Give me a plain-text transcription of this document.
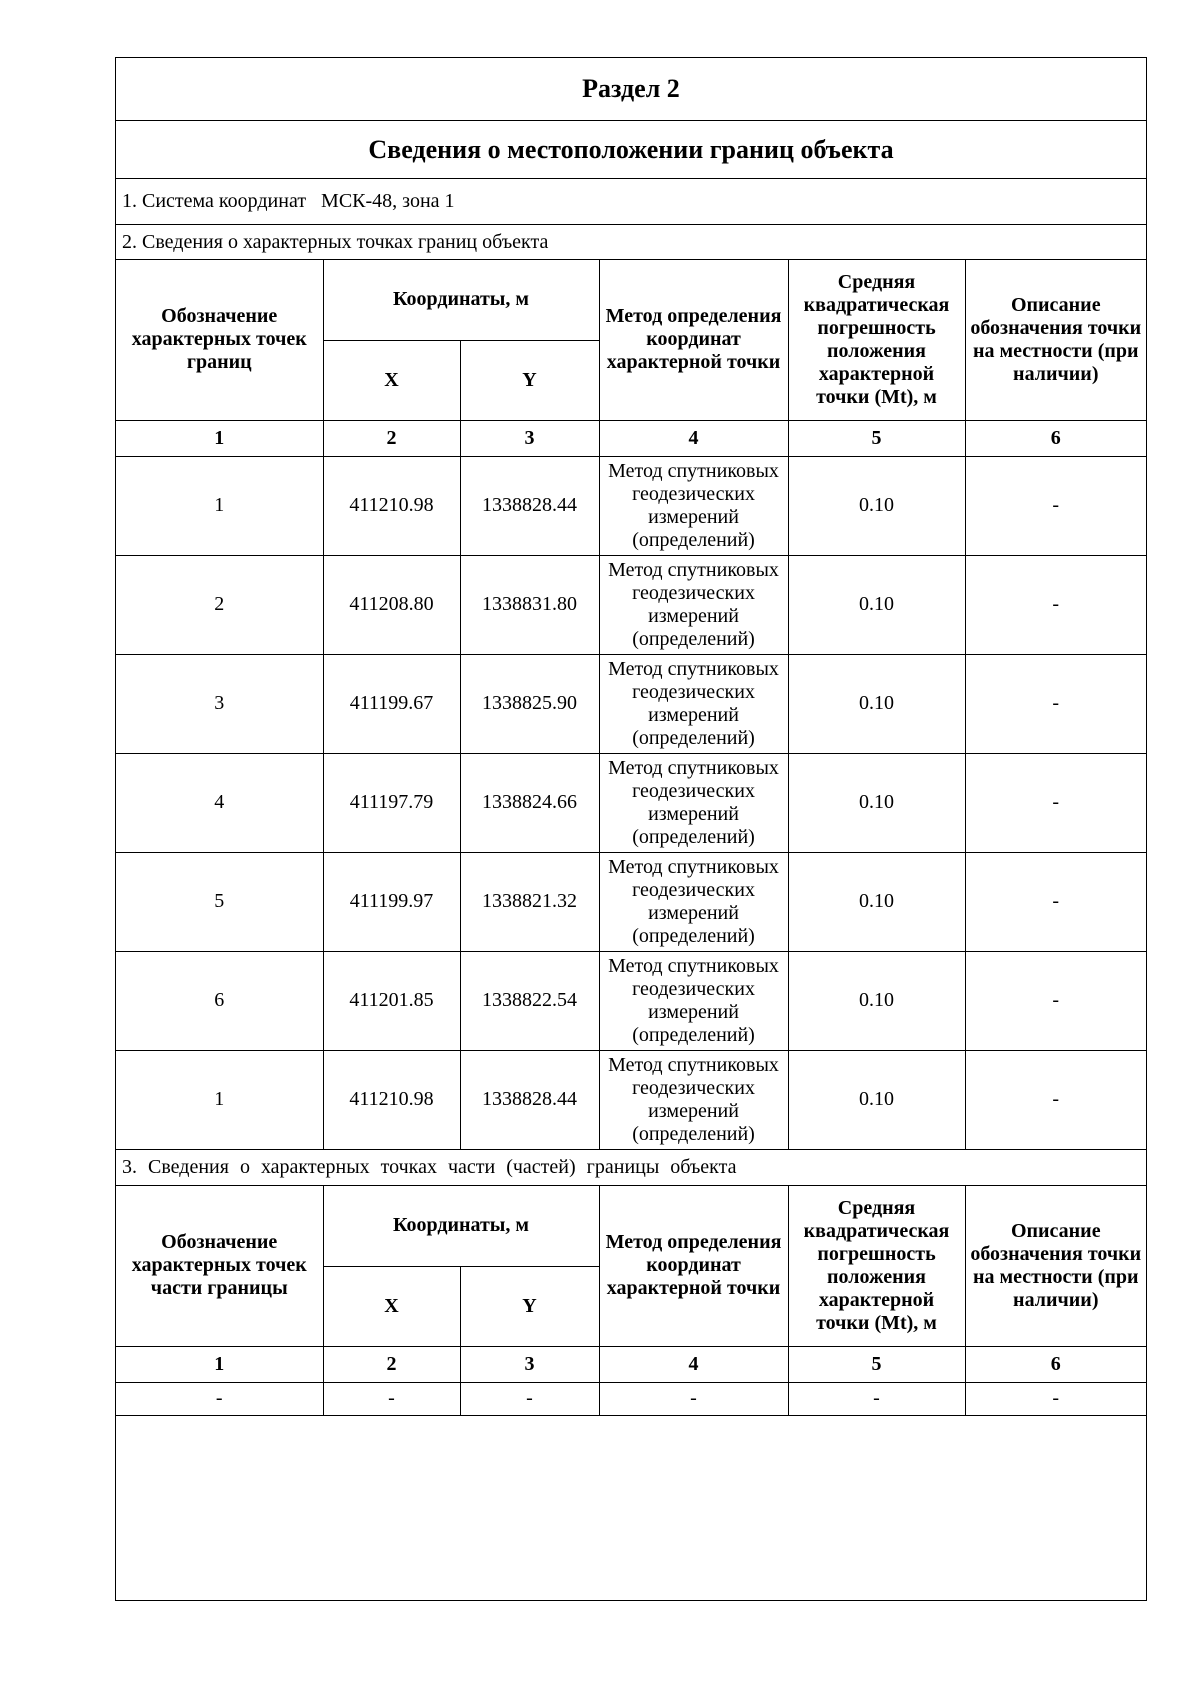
Раздел 2
Сведения о местоположении границ объекта
1. Система координат   МСК-48, зона 1
2. Сведения о характерных точках границ объекта
Обозначение характерных точек границ	Координаты, м		Метод определения координат характерной точки	Средняя квадратическая погрешность положения характерной точки (Mt), м	Описание обозначения точки на местности (при наличии)
	X	Y			
1	2	3	4	5	6
1	411210.98	1338828.44	Метод спутниковых геодезических измерений (определений)	0.10	-
2	411208.80	1338831.80	Метод спутниковых геодезических измерений (определений)	0.10	-
3	411199.67	1338825.90	Метод спутниковых геодезических измерений (определений)	0.10	-
4	411197.79	1338824.66	Метод спутниковых геодезических измерений (определений)	0.10	-
5	411199.97	1338821.32	Метод спутниковых геодезических измерений (определений)	0.10	-
6	411201.85	1338822.54	Метод спутниковых геодезических измерений (определений)	0.10	-
1	411210.98	1338828.44	Метод спутниковых геодезических измерений (определений)	0.10	-
3. Сведения о характерных точках части (частей) границы объекта
Обозначение характерных точек части границы	Координаты, м		Метод определения координат характерной точки	Средняя квадратическая погрешность положения характерной точки (Mt), м	Описание обозначения точки на местности (при наличии)
	X	Y			
1	2	3	4	5	6
-	-	-	-	-	-
